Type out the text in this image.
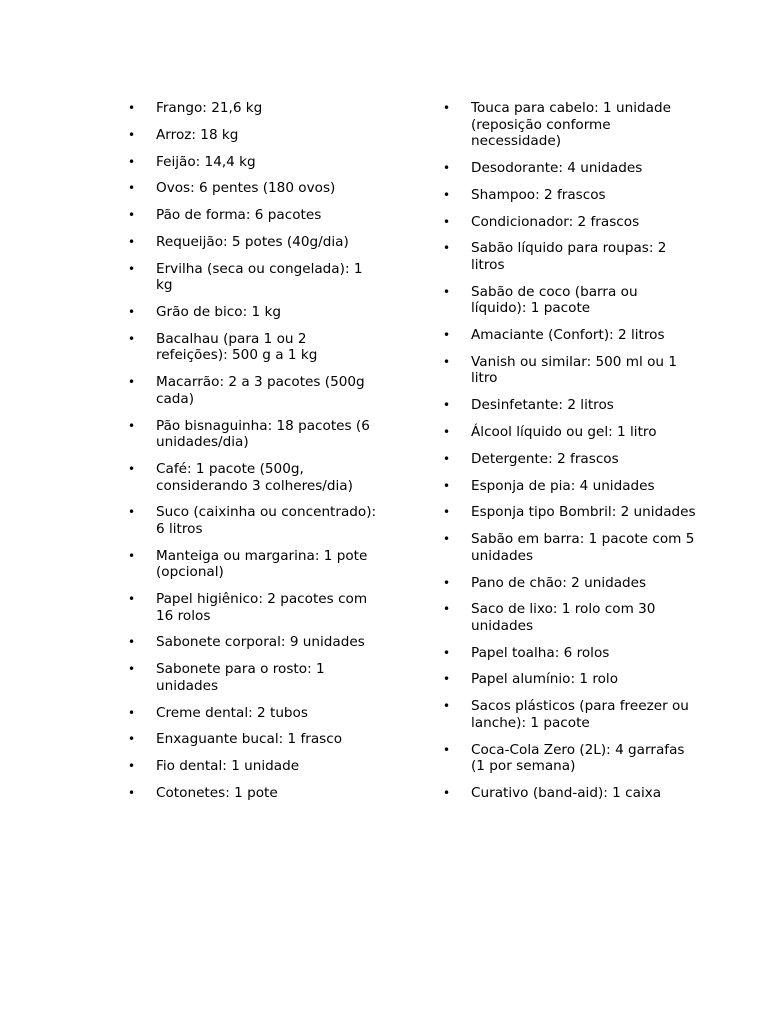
•	Frango: 21,6 kg
•	Arroz: 18 kg
•	Feijão: 14,4 kg
•	Ovos: 6 pentes (180 ovos)
•	Pão de forma: 6 pacotes
•	Requeijão: 5 potes (40g/dia)
•	Ervilha (seca ou congelada): 1 kg
•	Grão de bico: 1 kg
•	Bacalhau (para 1 ou 2 refeições): 500 g a 1 kg
•	Macarrão: 2 a 3 pacotes (500g cada)
•	Pão bisnaguinha: 18 pacotes (6 unidades/dia)
•	Café: 1 pacote (500g, considerando 3 colheres/dia)
•	Suco (caixinha ou concentrado): 6 litros
•	Manteiga ou margarina: 1 pote (opcional)
•	Papel higiênico: 2 pacotes com 16 rolos
•	Sabonete corporal: 9 unidades
•	Sabonete para o rosto: 1 unidades
•	Creme dental: 2 tubos
•	Enxaguante bucal: 1 frasco
•	Fio dental: 1 unidade
•	Cotonetes: 1 pote
•	Touca para cabelo: 1 unidade (reposição conforme necessidade)
•	Desodorante: 4 unidades
•	Shampoo: 2 frascos
•	Condicionador: 2 frascos
•	Sabão líquido para roupas: 2 litros
•	Sabão de coco (barra ou líquido): 1 pacote
•	Amaciante (Confort): 2 litros
•	Vanish ou similar: 500 ml ou 1 litro
•	Desinfetante: 2 litros
•	Álcool líquido ou gel: 1 litro
•	Detergente: 2 frascos
•	Esponja de pia: 4 unidades
•	Esponja tipo Bombril: 2 unidades
•	Sabão em barra: 1 pacote com 5 unidades
•	Pano de chão: 2 unidades
•	Saco de lixo: 1 rolo com 30 unidades
•	Papel toalha: 6 rolos
•	Papel alumínio: 1 rolo
•	Sacos plásticos (para freezer ou lanche): 1 pacote
•	Coca-Cola Zero (2L): 4 garrafas (1 por semana)
•	Curativo (band-aid): 1 caixa
